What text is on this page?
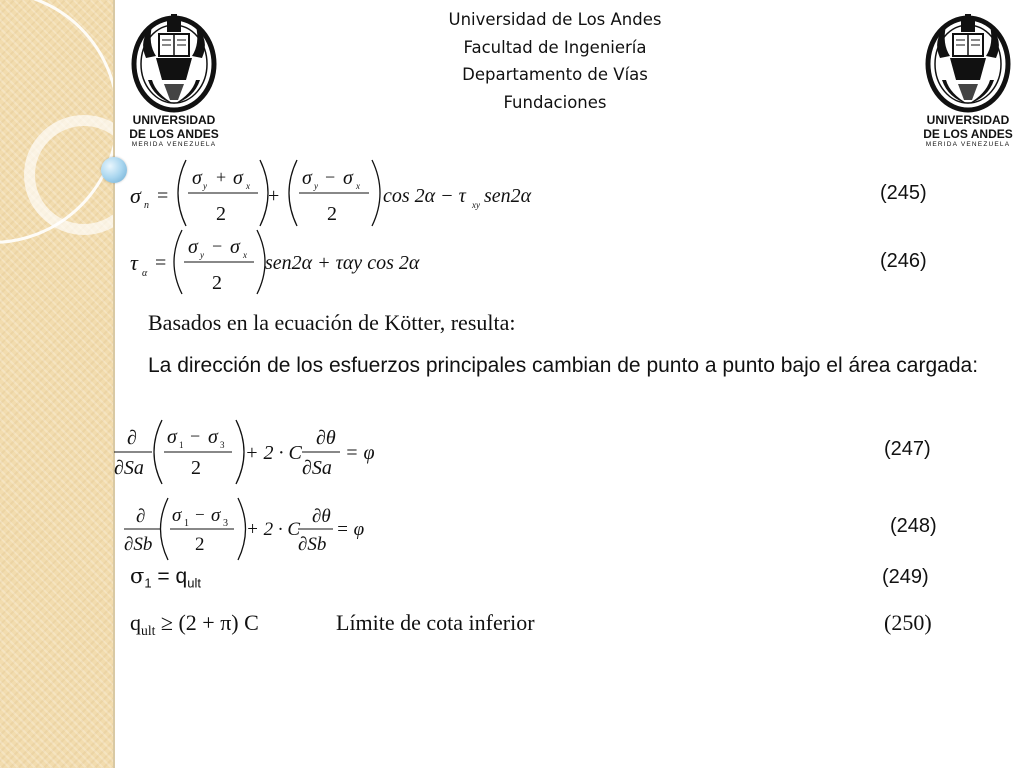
Universidad de Los Andes
Facultad de Ingeniería
Departamento de Vías
Fundaciones
UNIVERSIDAD
DE LOS ANDES
MERIDA VENEZUELA
UNIVERSIDAD
DE LOS ANDES
MERIDA VENEZUELA
σ n =
σ y + σ x
2
+
σ y − σ x
2
cos 2α − τ xy sen2α
τ α =
σ y − σ x
2
sen2α + ταy cos 2α
∂
∂Sa
σ 1 − σ 3
2
+ 2 · C
∂θ
∂Sa
= φ
∂
∂Sb
σ 1 − σ 3
2
+ 2 · C
∂θ
∂Sb
= φ
(245)
(246)
(247)
(248)
(249)
Basados en la ecuación de Kötter, resulta:
La dirección de los esfuerzos principales cambian de punto a punto bajo el área cargada:
$\sigma_1 = q_{ult}$
$q_{ult} \ge (2 + \pi)$ C	Límite de cota inferior	(250)
